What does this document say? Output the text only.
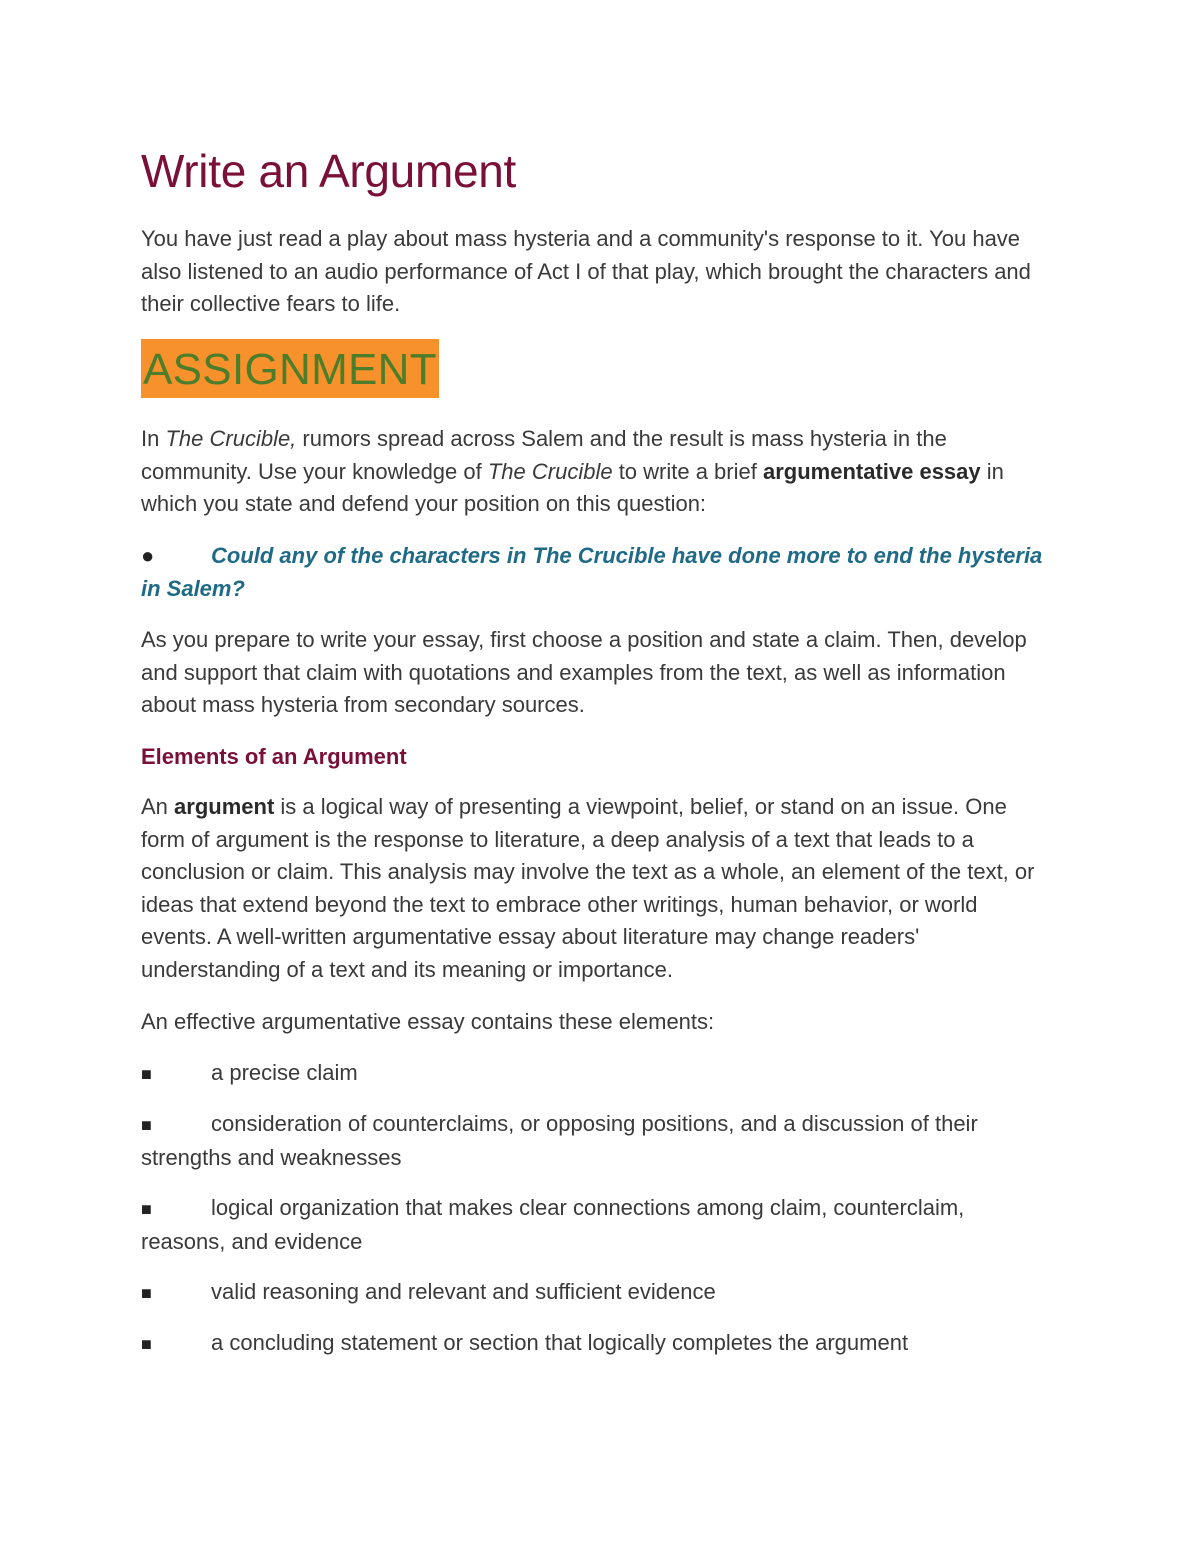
Write an Argument

You have just read a play about mass hysteria and a community's response to it. You have also listened to an audio performance of Act I of that play, which brought the characters and their collective fears to life.

ASSIGNMENT

In The Crucible, rumors spread across Salem and the result is mass hysteria in the community. Use your knowledge of The Crucible to write a brief argumentative essay in which you state and defend your position on this question:

●	Could any of the characters in The Crucible have done more to end the hysteria in Salem?

As you prepare to write your essay, first choose a position and state a claim. Then, develop and support that claim with quotations and examples from the text, as well as information about mass hysteria from secondary sources.

Elements of an Argument

An argument is a logical way of presenting a viewpoint, belief, or stand on an issue. One form of argument is the response to literature, a deep analysis of a text that leads to a conclusion or claim. This analysis may involve the text as a whole, an element of the text, or ideas that extend beyond the text to embrace other writings, human behavior, or world events. A well-written argumentative essay about literature may change readers' understanding of a text and its meaning or importance.

An effective argumentative essay contains these elements:

■	a precise claim

■	consideration of counterclaims, or opposing positions, and a discussion of their strengths and weaknesses

■	logical organization that makes clear connections among claim, counterclaim, reasons, and evidence

■	valid reasoning and relevant and sufficient evidence

■	a concluding statement or section that logically completes the argument
